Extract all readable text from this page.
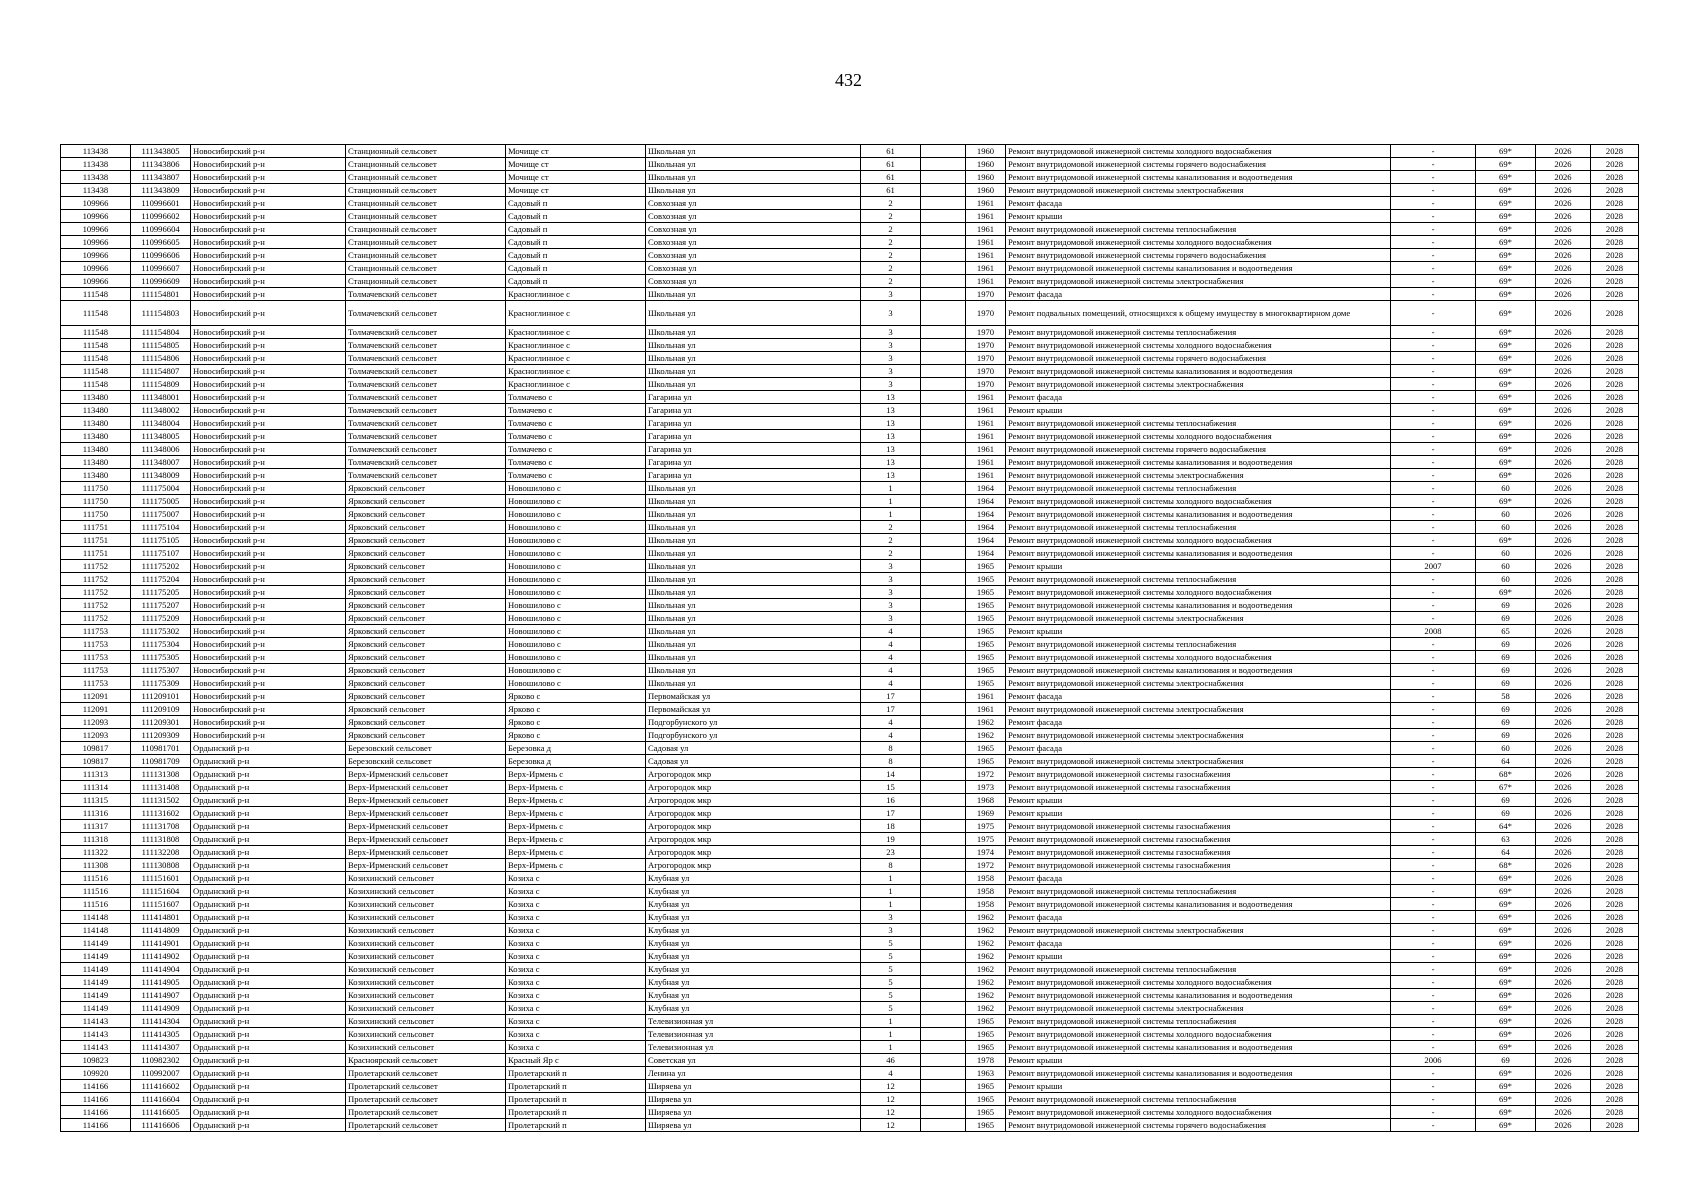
432
113438	111343805	Новосибирский р-н	Станционный сельсовет	Мочище ст	Школьная ул	61		1960	Ремонт внутридомовой инженерной системы холодного водоснабжения	-	69*	2026	2028
113438	111343806	Новосибирский р-н	Станционный сельсовет	Мочище ст	Школьная ул	61		1960	Ремонт внутридомовой инженерной системы горячего водоснабжения	-	69*	2026	2028
113438	111343807	Новосибирский р-н	Станционный сельсовет	Мочище ст	Школьная ул	61		1960	Ремонт внутридомовой инженерной системы канализования и водоотведения	-	69*	2026	2028
113438	111343809	Новосибирский р-н	Станционный сельсовет	Мочище ст	Школьная ул	61		1960	Ремонт внутридомовой инженерной системы электроснабжения	-	69*	2026	2028
109966	110996601	Новосибирский р-н	Станционный сельсовет	Садовый п	Совхозная ул	2		1961	Ремонт фасада	-	69*	2026	2028
109966	110996602	Новосибирский р-н	Станционный сельсовет	Садовый п	Совхозная ул	2		1961	Ремонт крыши	-	69*	2026	2028
109966	110996604	Новосибирский р-н	Станционный сельсовет	Садовый п	Совхозная ул	2		1961	Ремонт внутридомовой инженерной системы теплоснабжения	-	69*	2026	2028
109966	110996605	Новосибирский р-н	Станционный сельсовет	Садовый п	Совхозная ул	2		1961	Ремонт внутридомовой инженерной системы холодного водоснабжения	-	69*	2026	2028
109966	110996606	Новосибирский р-н	Станционный сельсовет	Садовый п	Совхозная ул	2		1961	Ремонт внутридомовой инженерной системы горячего водоснабжения	-	69*	2026	2028
109966	110996607	Новосибирский р-н	Станционный сельсовет	Садовый п	Совхозная ул	2		1961	Ремонт внутридомовой инженерной системы канализования и водоотведения	-	69*	2026	2028
109966	110996609	Новосибирский р-н	Станционный сельсовет	Садовый п	Совхозная ул	2		1961	Ремонт внутридомовой инженерной системы электроснабжения	-	69*	2026	2028
111548	111154801	Новосибирский р-н	Толмачевский сельсовет	Красноглинное с	Школьная ул	3		1970	Ремонт фасада	-	69*	2026	2028
111548	111154803	Новосибирский р-н	Толмачевский сельсовет	Красноглинное с	Школьная ул	3		1970	Ремонт подвальных помещений, относящихся к общему имуществу в многоквартирном доме	-	69*	2026	2028
111548	111154804	Новосибирский р-н	Толмачевский сельсовет	Красноглинное с	Школьная ул	3		1970	Ремонт внутридомовой инженерной системы теплоснабжения	-	69*	2026	2028
111548	111154805	Новосибирский р-н	Толмачевский сельсовет	Красноглинное с	Школьная ул	3		1970	Ремонт внутридомовой инженерной системы холодного водоснабжения	-	69*	2026	2028
111548	111154806	Новосибирский р-н	Толмачевский сельсовет	Красноглинное с	Школьная ул	3		1970	Ремонт внутридомовой инженерной системы горячего водоснабжения	-	69*	2026	2028
111548	111154807	Новосибирский р-н	Толмачевский сельсовет	Красноглинное с	Школьная ул	3		1970	Ремонт внутридомовой инженерной системы канализования и водоотведения	-	69*	2026	2028
111548	111154809	Новосибирский р-н	Толмачевский сельсовет	Красноглинное с	Школьная ул	3		1970	Ремонт внутридомовой инженерной системы электроснабжения	-	69*	2026	2028
113480	111348001	Новосибирский р-н	Толмачевский сельсовет	Толмачево с	Гагарина ул	13		1961	Ремонт фасада	-	69*	2026	2028
113480	111348002	Новосибирский р-н	Толмачевский сельсовет	Толмачево с	Гагарина ул	13		1961	Ремонт крыши	-	69*	2026	2028
113480	111348004	Новосибирский р-н	Толмачевский сельсовет	Толмачево с	Гагарина ул	13		1961	Ремонт внутридомовой инженерной системы теплоснабжения	-	69*	2026	2028
113480	111348005	Новосибирский р-н	Толмачевский сельсовет	Толмачево с	Гагарина ул	13		1961	Ремонт внутридомовой инженерной системы холодного водоснабжения	-	69*	2026	2028
113480	111348006	Новосибирский р-н	Толмачевский сельсовет	Толмачево с	Гагарина ул	13		1961	Ремонт внутридомовой инженерной системы горячего водоснабжения	-	69*	2026	2028
113480	111348007	Новосибирский р-н	Толмачевский сельсовет	Толмачево с	Гагарина ул	13		1961	Ремонт внутридомовой инженерной системы канализования и водоотведения	-	69*	2026	2028
113480	111348009	Новосибирский р-н	Толмачевский сельсовет	Толмачево с	Гагарина ул	13		1961	Ремонт внутридомовой инженерной системы электроснабжения	-	69*	2026	2028
111750	111175004	Новосибирский р-н	Ярковский сельсовет	Новошилово с	Школьная ул	1		1964	Ремонт внутридомовой инженерной системы теплоснабжения	-	60	2026	2028
111750	111175005	Новосибирский р-н	Ярковский сельсовет	Новошилово с	Школьная ул	1		1964	Ремонт внутридомовой инженерной системы холодного водоснабжения	-	69*	2026	2028
111750	111175007	Новосибирский р-н	Ярковский сельсовет	Новошилово с	Школьная ул	1		1964	Ремонт внутридомовой инженерной системы канализования и водоотведения	-	60	2026	2028
111751	111175104	Новосибирский р-н	Ярковский сельсовет	Новошилово с	Школьная ул	2		1964	Ремонт внутридомовой инженерной системы теплоснабжения	-	60	2026	2028
111751	111175105	Новосибирский р-н	Ярковский сельсовет	Новошилово с	Школьная ул	2		1964	Ремонт внутридомовой инженерной системы холодного водоснабжения	-	69*	2026	2028
111751	111175107	Новосибирский р-н	Ярковский сельсовет	Новошилово с	Школьная ул	2		1964	Ремонт внутридомовой инженерной системы канализования и водоотведения	-	60	2026	2028
111752	111175202	Новосибирский р-н	Ярковский сельсовет	Новошилово с	Школьная ул	3		1965	Ремонт крыши	2007	60	2026	2028
111752	111175204	Новосибирский р-н	Ярковский сельсовет	Новошилово с	Школьная ул	3		1965	Ремонт внутридомовой инженерной системы теплоснабжения	-	60	2026	2028
111752	111175205	Новосибирский р-н	Ярковский сельсовет	Новошилово с	Школьная ул	3		1965	Ремонт внутридомовой инженерной системы холодного водоснабжения	-	69*	2026	2028
111752	111175207	Новосибирский р-н	Ярковский сельсовет	Новошилово с	Школьная ул	3		1965	Ремонт внутридомовой инженерной системы канализования и водоотведения	-	69	2026	2028
111752	111175209	Новосибирский р-н	Ярковский сельсовет	Новошилово с	Школьная ул	3		1965	Ремонт внутридомовой инженерной системы электроснабжения	-	69	2026	2028
111753	111175302	Новосибирский р-н	Ярковский сельсовет	Новошилово с	Школьная ул	4		1965	Ремонт крыши	2008	65	2026	2028
111753	111175304	Новосибирский р-н	Ярковский сельсовет	Новошилово с	Школьная ул	4		1965	Ремонт внутридомовой инженерной системы теплоснабжения	-	69	2026	2028
111753	111175305	Новосибирский р-н	Ярковский сельсовет	Новошилово с	Школьная ул	4		1965	Ремонт внутридомовой инженерной системы холодного водоснабжения	-	69	2026	2028
111753	111175307	Новосибирский р-н	Ярковский сельсовет	Новошилово с	Школьная ул	4		1965	Ремонт внутридомовой инженерной системы канализования и водоотведения	-	69	2026	2028
111753	111175309	Новосибирский р-н	Ярковский сельсовет	Новошилово с	Школьная ул	4		1965	Ремонт внутридомовой инженерной системы электроснабжения	-	69	2026	2028
112091	111209101	Новосибирский р-н	Ярковский сельсовет	Ярково с	Первомайская ул	17		1961	Ремонт фасада	-	58	2026	2028
112091	111209109	Новосибирский р-н	Ярковский сельсовет	Ярково с	Первомайская ул	17		1961	Ремонт внутридомовой инженерной системы электроснабжения	-	69	2026	2028
112093	111209301	Новосибирский р-н	Ярковский сельсовет	Ярково с	Подгорбунского ул	4		1962	Ремонт фасада	-	69	2026	2028
112093	111209309	Новосибирский р-н	Ярковский сельсовет	Ярково с	Подгорбунского ул	4		1962	Ремонт внутридомовой инженерной системы электроснабжения	-	69	2026	2028
109817	110981701	Ордынский р-н	Березовский сельсовет	Березовка д	Садовая ул	8		1965	Ремонт фасада	-	60	2026	2028
109817	110981709	Ордынский р-н	Березовский сельсовет	Березовка д	Садовая ул	8		1965	Ремонт внутридомовой инженерной системы электроснабжения	-	64	2026	2028
111313	111131308	Ордынский р-н	Верх-Ирменский сельсовет	Верх-Ирмень с	Агрогородок мкр	14		1972	Ремонт внутридомовой инженерной системы газоснабжения	-	68*	2026	2028
111314	111131408	Ордынский р-н	Верх-Ирменский сельсовет	Верх-Ирмень с	Агрогородок мкр	15		1973	Ремонт внутридомовой инженерной системы газоснабжения	-	67*	2026	2028
111315	111131502	Ордынский р-н	Верх-Ирменский сельсовет	Верх-Ирмень с	Агрогородок мкр	16		1968	Ремонт крыши	-	69	2026	2028
111316	111131602	Ордынский р-н	Верх-Ирменский сельсовет	Верх-Ирмень с	Агрогородок мкр	17		1969	Ремонт крыши	-	69	2026	2028
111317	111131708	Ордынский р-н	Верх-Ирменский сельсовет	Верх-Ирмень с	Агрогородок мкр	18		1975	Ремонт внутридомовой инженерной системы газоснабжения	-	64*	2026	2028
111318	111131808	Ордынский р-н	Верх-Ирменский сельсовет	Верх-Ирмень с	Агрогородок мкр	19		1975	Ремонт внутридомовой инженерной системы газоснабжения	-	63	2026	2028
111322	111132208	Ордынский р-н	Верх-Ирменский сельсовет	Верх-Ирмень с	Агрогородок мкр	23		1974	Ремонт внутридомовой инженерной системы газоснабжения	-	64	2026	2028
111308	111130808	Ордынский р-н	Верх-Ирменский сельсовет	Верх-Ирмень с	Агрогородок мкр	8		1972	Ремонт внутридомовой инженерной системы газоснабжения	-	68*	2026	2028
111516	111151601	Ордынский р-н	Козихинский сельсовет	Козиха с	Клубная ул	1		1958	Ремонт фасада	-	69*	2026	2028
111516	111151604	Ордынский р-н	Козихинский сельсовет	Козиха с	Клубная ул	1		1958	Ремонт внутридомовой инженерной системы теплоснабжения	-	69*	2026	2028
111516	111151607	Ордынский р-н	Козихинский сельсовет	Козиха с	Клубная ул	1		1958	Ремонт внутридомовой инженерной системы канализования и водоотведения	-	69*	2026	2028
114148	111414801	Ордынский р-н	Козихинский сельсовет	Козиха с	Клубная ул	3		1962	Ремонт фасада	-	69*	2026	2028
114148	111414809	Ордынский р-н	Козихинский сельсовет	Козиха с	Клубная ул	3		1962	Ремонт внутридомовой инженерной системы электроснабжения	-	69*	2026	2028
114149	111414901	Ордынский р-н	Козихинский сельсовет	Козиха с	Клубная ул	5		1962	Ремонт фасада	-	69*	2026	2028
114149	111414902	Ордынский р-н	Козихинский сельсовет	Козиха с	Клубная ул	5		1962	Ремонт крыши	-	69*	2026	2028
114149	111414904	Ордынский р-н	Козихинский сельсовет	Козиха с	Клубная ул	5		1962	Ремонт внутридомовой инженерной системы теплоснабжения	-	69*	2026	2028
114149	111414905	Ордынский р-н	Козихинский сельсовет	Козиха с	Клубная ул	5		1962	Ремонт внутридомовой инженерной системы холодного водоснабжения	-	69*	2026	2028
114149	111414907	Ордынский р-н	Козихинский сельсовет	Козиха с	Клубная ул	5		1962	Ремонт внутридомовой инженерной системы канализования и водоотведения	-	69*	2026	2028
114149	111414909	Ордынский р-н	Козихинский сельсовет	Козиха с	Клубная ул	5		1962	Ремонт внутридомовой инженерной системы электроснабжения	-	69*	2026	2028
114143	111414304	Ордынский р-н	Козихинский сельсовет	Козиха с	Телевизионная ул	1		1965	Ремонт внутридомовой инженерной системы теплоснабжения	-	69*	2026	2028
114143	111414305	Ордынский р-н	Козихинский сельсовет	Козиха с	Телевизионная ул	1		1965	Ремонт внутридомовой инженерной системы холодного водоснабжения	-	69*	2026	2028
114143	111414307	Ордынский р-н	Козихинский сельсовет	Козиха с	Телевизионная ул	1		1965	Ремонт внутридомовой инженерной системы канализования и водоотведения	-	69*	2026	2028
109823	110982302	Ордынский р-н	Красноярский сельсовет	Красный Яр с	Советская ул	46		1978	Ремонт крыши	2006	69	2026	2028
109920	110992007	Ордынский р-н	Пролетарский сельсовет	Пролетарский п	Ленина ул	4		1963	Ремонт внутридомовой инженерной системы канализования и водоотведения	-	69*	2026	2028
114166	111416602	Ордынский р-н	Пролетарский сельсовет	Пролетарский п	Ширяева ул	12		1965	Ремонт крыши	-	69*	2026	2028
114166	111416604	Ордынский р-н	Пролетарский сельсовет	Пролетарский п	Ширяева ул	12		1965	Ремонт внутридомовой инженерной системы теплоснабжения	-	69*	2026	2028
114166	111416605	Ордынский р-н	Пролетарский сельсовет	Пролетарский п	Ширяева ул	12		1965	Ремонт внутридомовой инженерной системы холодного водоснабжения	-	69*	2026	2028
114166	111416606	Ордынский р-н	Пролетарский сельсовет	Пролетарский п	Ширяева ул	12		1965	Ремонт внутридомовой инженерной системы горячего водоснабжения	-	69*	2026	2028
